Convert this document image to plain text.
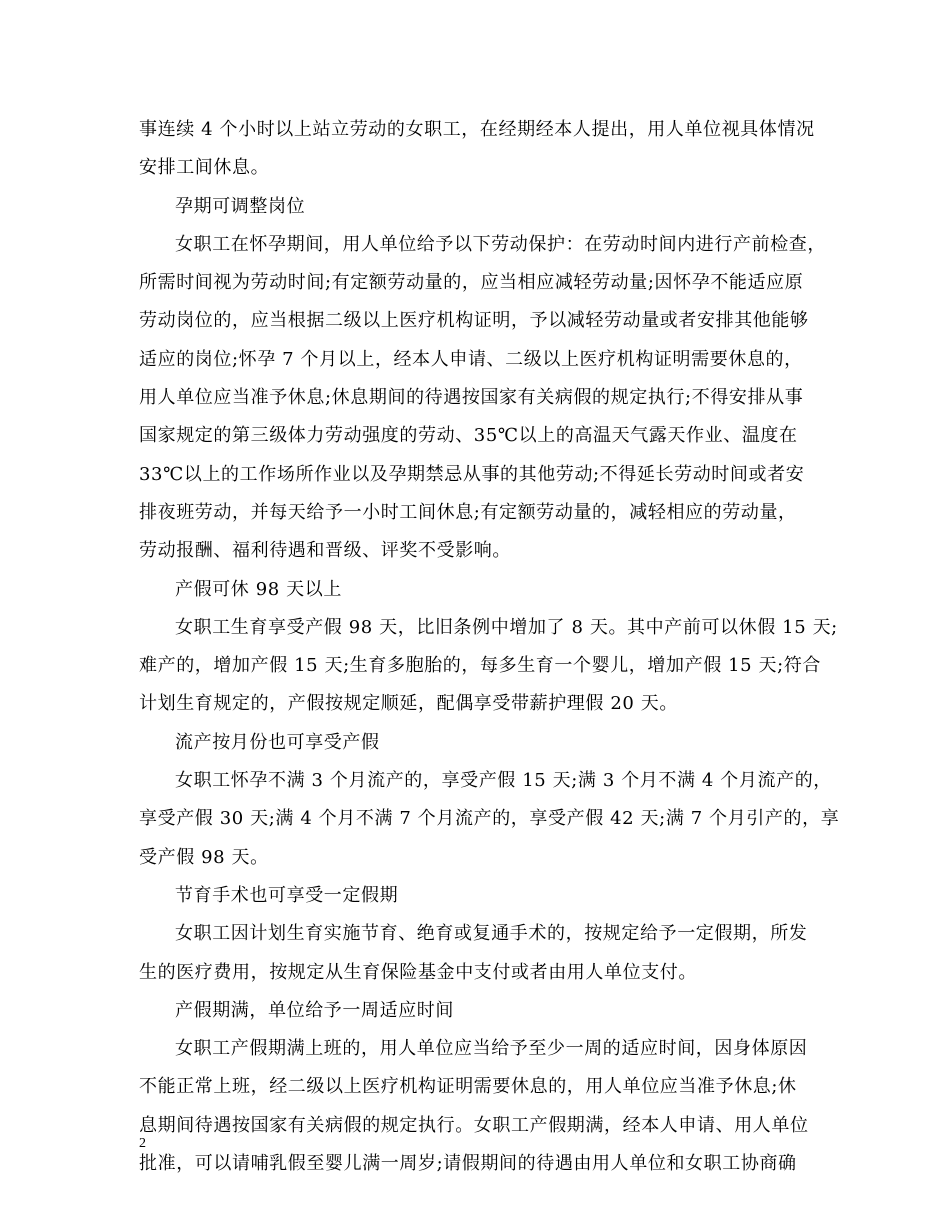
事连续 4 个小时以上站立劳动的女职工，在经期经本人提出，用人单位视具体情况
安排工间休息。
孕期可调整岗位
女职工在怀孕期间，用人单位给予以下劳动保护：在劳动时间内进行产前检查，
所需时间视为劳动时间;有定额劳动量的，应当相应减轻劳动量;因怀孕不能适应原
劳动岗位的，应当根据二级以上医疗机构证明，予以减轻劳动量或者安排其他能够
适应的岗位;怀孕 7 个月以上，经本人申请、二级以上医疗机构证明需要休息的，
用人单位应当准予休息;休息期间的待遇按国家有关病假的规定执行;不得安排从事
国家规定的第三级体力劳动强度的劳动、35℃以上的高温天气露天作业、温度在
33℃以上的工作场所作业以及孕期禁忌从事的其他劳动;不得延长劳动时间或者安
排夜班劳动，并每天给予一小时工间休息;有定额劳动量的，减轻相应的劳动量，
劳动报酬、福利待遇和晋级、评奖不受影响。
产假可休 98 天以上
女职工生育享受产假 98 天，比旧条例中增加了 8 天。其中产前可以休假 15 天;
难产的，增加产假 15 天;生育多胞胎的，每多生育一个婴儿，增加产假 15 天;符合
计划生育规定的，产假按规定顺延，配偶享受带薪护理假 20 天。
流产按月份也可享受产假
女职工怀孕不满 3 个月流产的，享受产假 15 天;满 3 个月不满 4 个月流产的，
享受产假 30 天;满 4 个月不满 7 个月流产的，享受产假 42 天;满 7 个月引产的，享
受产假 98 天。
节育手术也可享受一定假期
女职工因计划生育实施节育、绝育或复通手术的，按规定给予一定假期，所发
生的医疗费用，按规定从生育保险基金中支付或者由用人单位支付。
产假期满，单位给予一周适应时间
女职工产假期满上班的，用人单位应当给予至少一周的适应时间，因身体原因
不能正常上班，经二级以上医疗机构证明需要休息的，用人单位应当准予休息;休
息期间待遇按国家有关病假的规定执行。女职工产假期满，经本人申请、用人单位
批准，可以请哺乳假至婴儿满一周岁;请假期间的待遇由用人单位和女职工协商确
2
